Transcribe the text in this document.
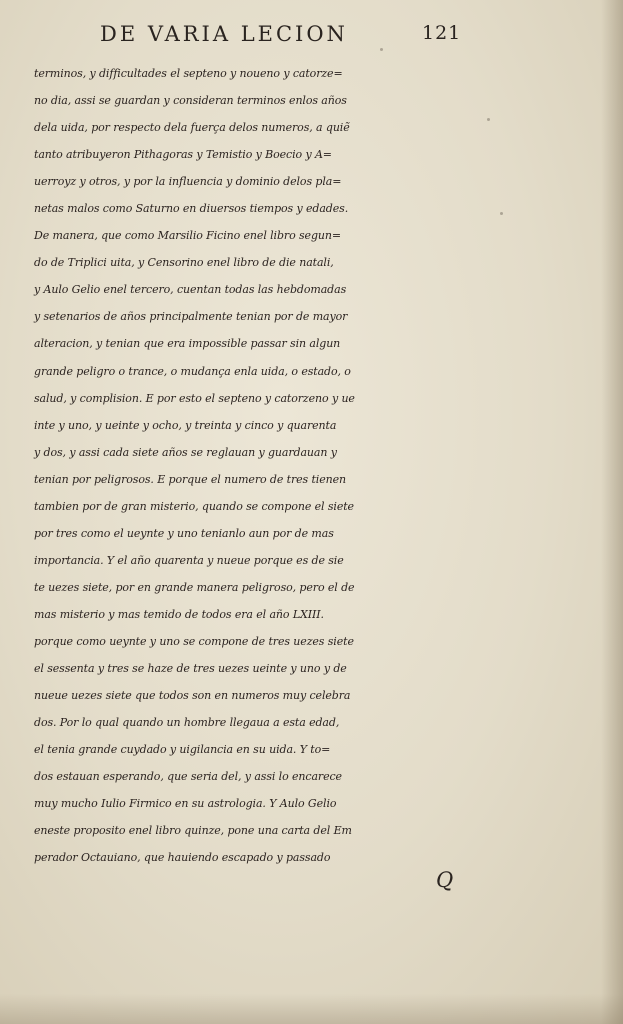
DE VARIA LECION	121
terminos, y difficultades el septeno y noueno y catorze=
no dia, assi se guardan y consideran terminos enlos años
dela uida, por respecto dela fuerça delos numeros, a quiẽ
tanto atribuyeron Pithagoras y Temistio y Boecio y A=
uerroyz y otros, y por la influencia y dominio delos pla=
netas malos como Saturno en diuersos tiempos y edades.
De manera, que como Marsilio Ficino enel libro segun=
do de Triplici uita, y Censorino enel libro de die natali,
y Aulo Gelio enel tercero, cuentan todas las hebdomadas
y setenarios de años principalmente tenian por de mayor
alteracion, y tenian que era impossible passar sin algun
grande peligro o trance, o mudança enla uida, o estado, o
salud, y complision. E por esto el septeno y catorzeno y ue
inte y uno, y ueinte y ocho, y treinta y cinco y quarenta
y dos, y assi cada siete años se reglauan y guardauan y
tenian por peligrosos. E porque el numero de tres tienen
tambien por de gran misterio, quando se compone el siete
por tres como el ueynte y uno tenianlo aun por de mas
importancia. Y el año quarenta y nueue porque es de sie
te uezes siete, por en grande manera peligroso, pero el de
mas misterio y mas temido de todos era el año LXIII.
porque como ueynte y uno se compone de tres uezes siete
el sessenta y tres se haze de tres uezes ueinte y uno y de
nueue uezes siete que todos son en numeros muy celebra
dos. Por lo qual quando un hombre llegaua a esta edad,
el tenia grande cuydado y uigilancia en su uida. Y to=
dos estauan esperando, que seria del, y assi lo encarece
muy mucho Iulio Firmico en su astrologia. Y Aulo Gelio
eneste proposito enel libro quinze, pone una carta del Em
perador Octauiano, que hauiendo escapado y passado
Q
